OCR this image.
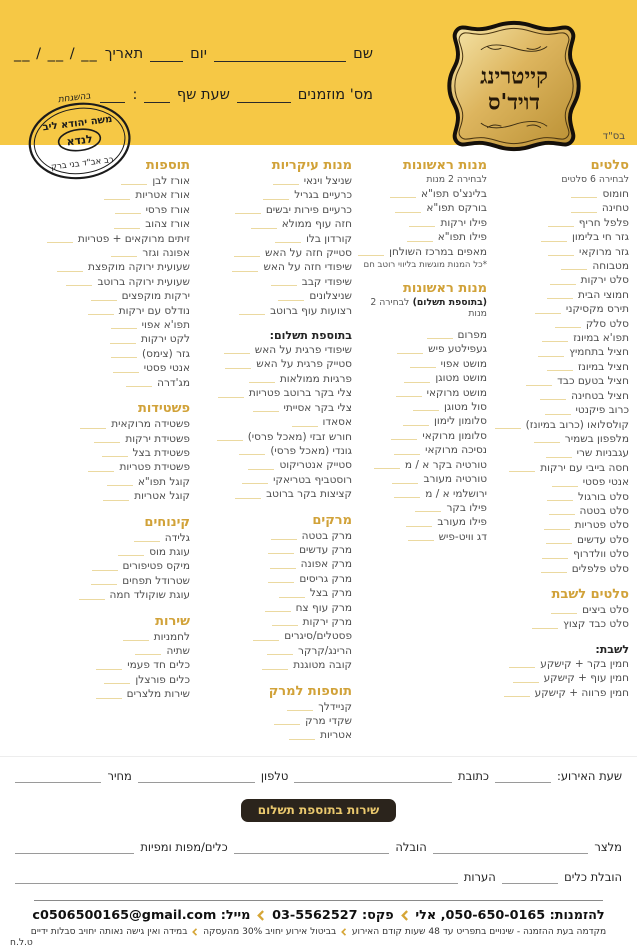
שם
יום
תאריך
__ / __ / __
מס' מוזמנים
שעת שף
:
קייטרינג
דויד'ס
בהשגחת
משה יהודא ליב
לנדא
רב אב"ד בני ברק
בס"ד
סלטים
לבחירה 6 סלטים
חומוס
טחינה
פלפל חריף
גזר חי בלימון
גזר מרוקאי
מטבוחה
סלט ירקות
חמוצי הבית
תירס מקסיקני
סלט סלק
תפו'א במיונז
חציל בתחמיץ
חציל במיונז
חציל בטעם כבד
חציל בטחינה
כרוב פיקנטי
קולסלואו (כרוב במיונז)
מלפפון בשמיר
עגבניות שרי
חסה בייבי עם ירקות
אנטי פסטי
סלט בורגול
סלט בטטה
סלט פטריות
סלט עדשים
סלט וולדרוף
סלט פלפלים
סלטים לשבת
סלט ביצים
סלט כבד קצוץ
לשבת:
חמין בקר + קישקע
חמין עוף + קישקע
חמין פרווה + קישקע
מנות ראשונות
לבחירה 2 מנות
בלינצ'ס תפו"א
בורקס תפו"א
פילו ירקות
פילו תפו"א
מאפים במרכז השולחן
*כל המנות מוגשות בליווי רוטב חם
מנות ראשונות
(בתוספת תשלום) לבחירה 2 מנות
מפרום
געפילטע פיש
מושט אפוי
מושט מטוגן
מושט מרוקאי
סול מטוגן
סלומון לימון
סלומון מרוקאי
נסיכה מרוקאי
טורטיה בקר א / מ
טורטיה מעורב
ירושלמי א / מ
פילו בקר
פילו מעורב
דג וויט-פיש
מנות עיקריות
שניצל וינאי
כרעיים בגריל
כרעיים פירות יבשים
חזה עוף ממולא
קורדון בלו
סטייק חזה על האש
שיפודי חזה על האש
שיפודי קבב
שניצלונים
רצועות עוף ברוטב
בתוספת תשלום:
שיפודי פרגית על האש
סטייק פרגית על האש
פרגיות ממולאות
צלי בקר ברוטב פטריות
צלי בקר אסייתי
אסאדו
חורש זבזי (מאכל פרסי)
גונדי (מאכל פרסי)
סטייק אנטריקוט
רוסטביף בטריאקי
קציצות בקר ברוטב
מרקים
מרק בטטה
מרק עדשים
מרק אפונה
מרק גריסים
מרק בצל
מרק עוף צח
מרק ירקות
פסטלים/סיגרים
הרינג/קרקר
קובה מטוגנת
תוספות למרק
קניידלך
שקדי מרק
אטריות
תוספות
אורז לבן
אורז אטריות
אורז פרסי
אורז צהוב
זיתים מרוקאים + פטריות
אפונה וגזר
שעועית ירוקה מוקפצת
שעועית ירוקה ברוטב
ירקות מוקפצים
נודלס עם ירקות
תפו'א אפוי
לקט ירקות
גזר (צימס)
אנטי פסטי
מג'דרה
פשטידות
פשטידה מרוקאית
פשטידת ירקות
פשטידת בצל
פשטידת פטריות
קוגל תפו"א
קוגל אטריות
קינוחים
גלידה
עוגת מוס
מיקס פטיפורים
שטרודל תפחים
עוגת שוקולד חמה
שירות
לחמניות
שתיה
כלים חד פעמי
כלים פורצלן
שירות מלצרים
שעת האירוע:
כתובת
טלפון
מחיר
שירות בתוספת תשלום
מלצר
הובלה
כלים/מפות ומפיות
הובלת כלים
הערות
להזמנות: 050-650-0165, אלי
פקס: 03-5562527
מייל: c0506500165@gmail.com
מקדמה בעת ההזמנה - שינויים בתפריט עד 48 שעות קודם האירוע
בביטול אירוע יחויב 30% מהעסקה
במידה ואין גישה נאותה יחויב סבלות ידיים
ט.ל.ח
